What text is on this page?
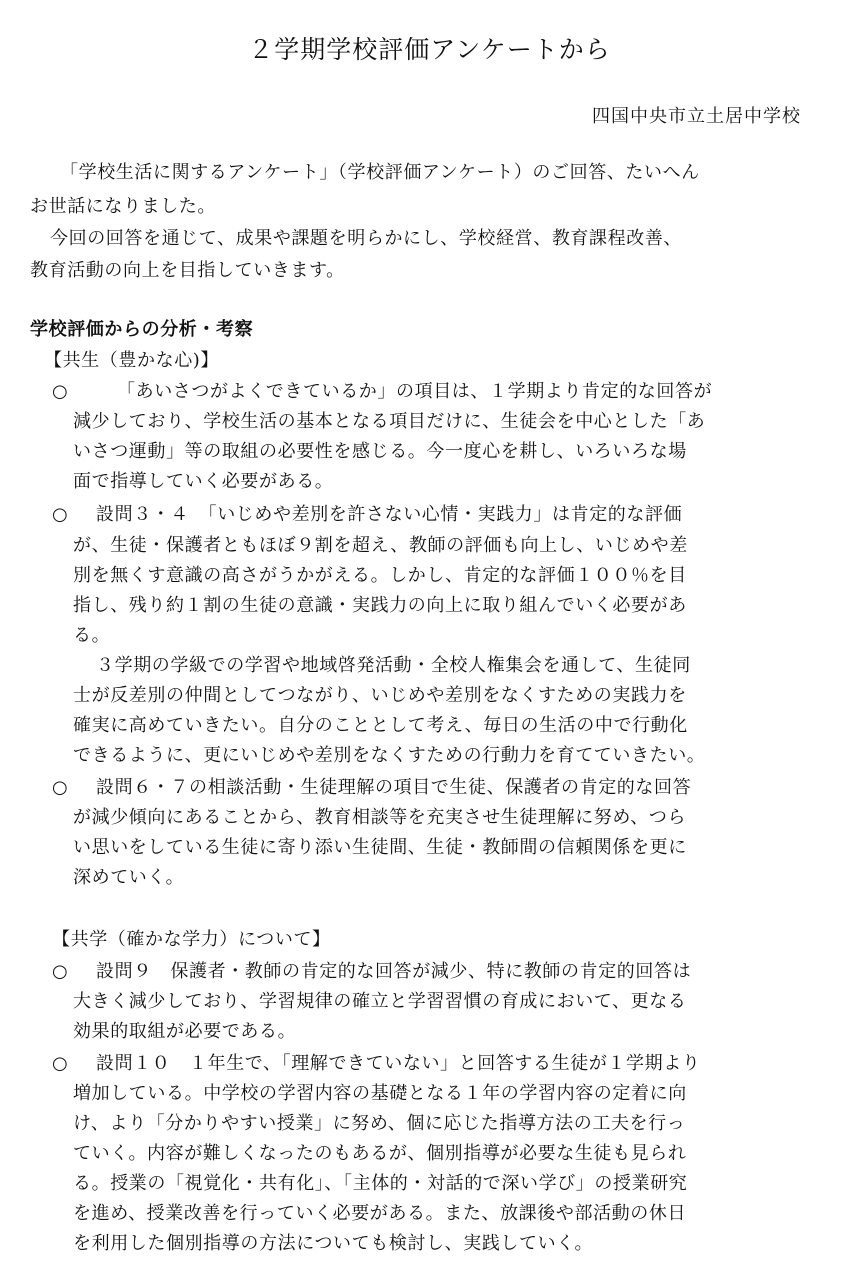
２学期学校評価アンケートから
四国中央市立土居中学校
「学校生活に関するアンケート」（学校評価アンケート）のご回答、たいへん
お世話になりました。
今回の回答を通じて、成果や課題を明らかにし、学校経営、教育課程改善、
教育活動の向上を目指していきます。
学校評価からの分析・考察
【共生（豊かな心)】
○	「あいさつがよくできているか」の項目は、１学期より肯定的な回答が
減少しており、学校生活の基本となる項目だけに、生徒会を中心とした「あ
いさつ運動」等の取組の必要性を感じる。今一度心を耕し、いろいろな場
面で指導していく必要がある。
○ 設問３・４　「いじめや差別を許さない心情・実践力」は肯定的な評価
が、生徒・保護者ともほぼ９割を超え、教師の評価も向上し、いじめや差
別を無くす意識の高さがうかがえる。しかし、肯定的な評価１００％を目
指し、残り約１割の生徒の意識・実践力の向上に取り組んでいく必要があ
る。
３学期の学級での学習や地域啓発活動・全校人権集会を通して、生徒同
士が反差別の仲間としてつながり、いじめや差別をなくすための実践力を
確実に高めていきたい。自分のこととして考え、毎日の生活の中で行動化
できるように、更にいじめや差別をなくすための行動力を育てていきたい。
○ 設問６・７の相談活動・生徒理解の項目で生徒、保護者の肯定的な回答
が減少傾向にあることから、教育相談等を充実させ生徒理解に努め、つら
い思いをしている生徒に寄り添い生徒間、生徒・教師間の信頼関係を更に
深めていく。
【共学（確かな学力）について】
○ 設問９　保護者・教師の肯定的な回答が減少、特に教師の肯定的回答は
大きく減少しており、学習規律の確立と学習習慣の育成において、更なる
効果的取組が必要である。
○ 設問１０　１年生で、「理解できていない」と回答する生徒が１学期より
増加している。中学校の学習内容の基礎となる１年の学習内容の定着に向
け、より「分かりやすい授業」に努め、個に応じた指導方法の工夫を行っ
ていく。内容が難しくなったのもあるが、個別指導が必要な生徒も見られ
る。授業の「視覚化・共有化」、「主体的・対話的で深い学び」の授業研究
を進め、授業改善を行っていく必要がある。また、放課後や部活動の休日
を利用した個別指導の方法についても検討し、実践していく。
